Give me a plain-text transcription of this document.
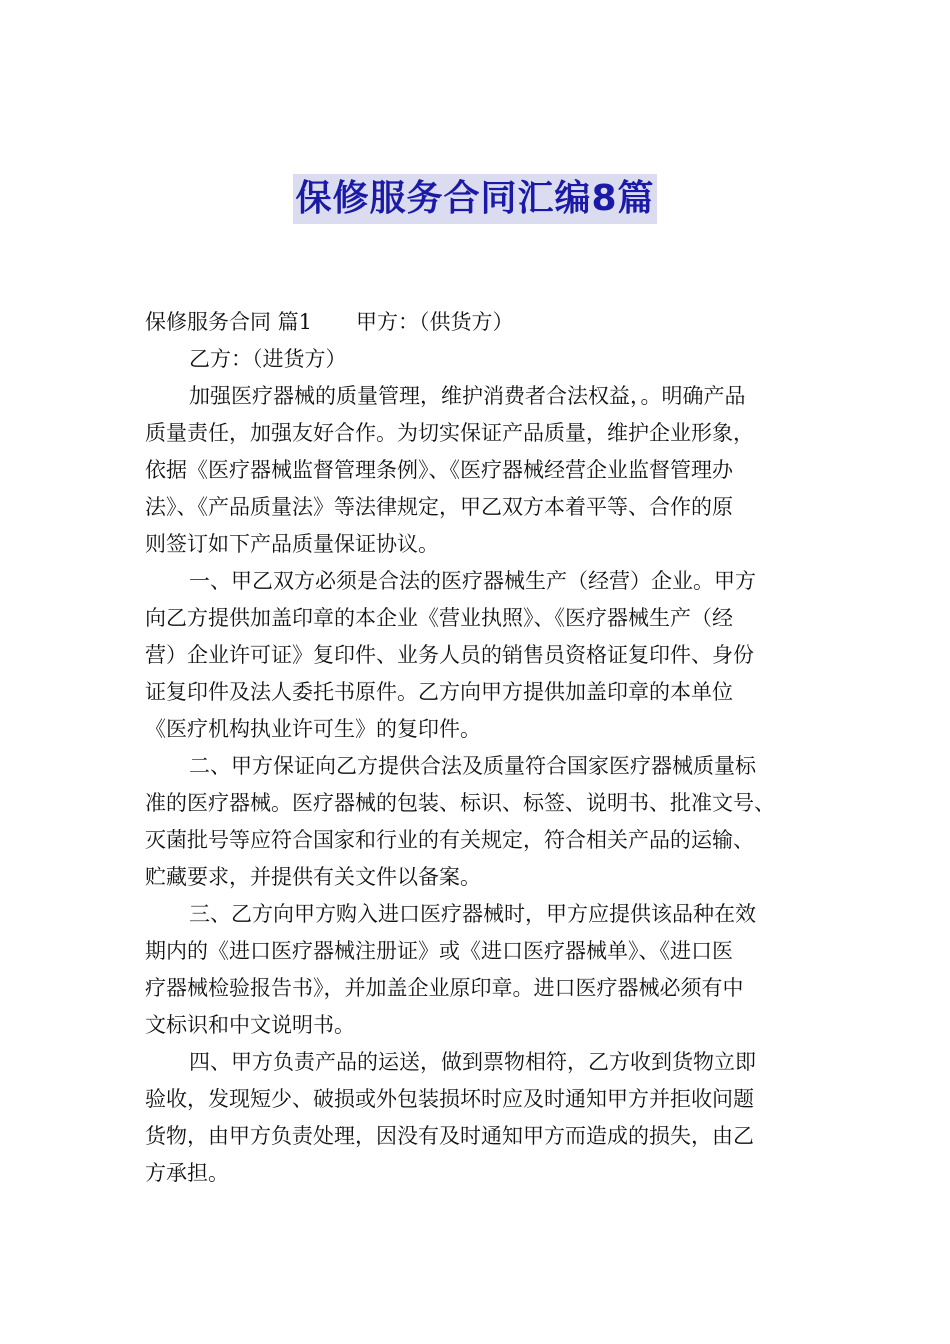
保修服务合同汇编8篇
保修服务合同 篇1 甲方：（供货方）
乙方：（进货方）
加强医疗器械的质量管理，维护消费者合法权益，。明确产品
质量责任，加强友好合作。为切实保证产品质量，维护企业形象，
依据《医疗器械监督管理条例》、《医疗器械经营企业监督管理办
法》、《产品质量法》等法律规定，甲乙双方本着平等、合作的原
则签订如下产品质量保证协议。
一、甲乙双方必须是合法的医疗器械生产（经营）企业。甲方
向乙方提供加盖印章的本企业《营业执照》、《医疗器械生产（经
营）企业许可证》复印件、业务人员的销售员资格证复印件、身份
证复印件及法人委托书原件。乙方向甲方提供加盖印章的本单位
《医疗机构执业许可生》的复印件。
二、甲方保证向乙方提供合法及质量符合国家医疗器械质量标
准的医疗器械。医疗器械的包装、标识、标签、说明书、批准文号、
灭菌批号等应符合国家和行业的有关规定，符合相关产品的运输、
贮藏要求，并提供有关文件以备案。
三、乙方向甲方购入进口医疗器械时，甲方应提供该品种在效
期内的《进口医疗器械注册证》或《进口医疗器械单》、《进口医
疗器械检验报告书》，并加盖企业原印章。进口医疗器械必须有中
文标识和中文说明书。
四、甲方负责产品的运送，做到票物相符，乙方收到货物立即
验收，发现短少、破损或外包装损坏时应及时通知甲方并拒收问题
货物，由甲方负责处理，因没有及时通知甲方而造成的损失，由乙
方承担。
